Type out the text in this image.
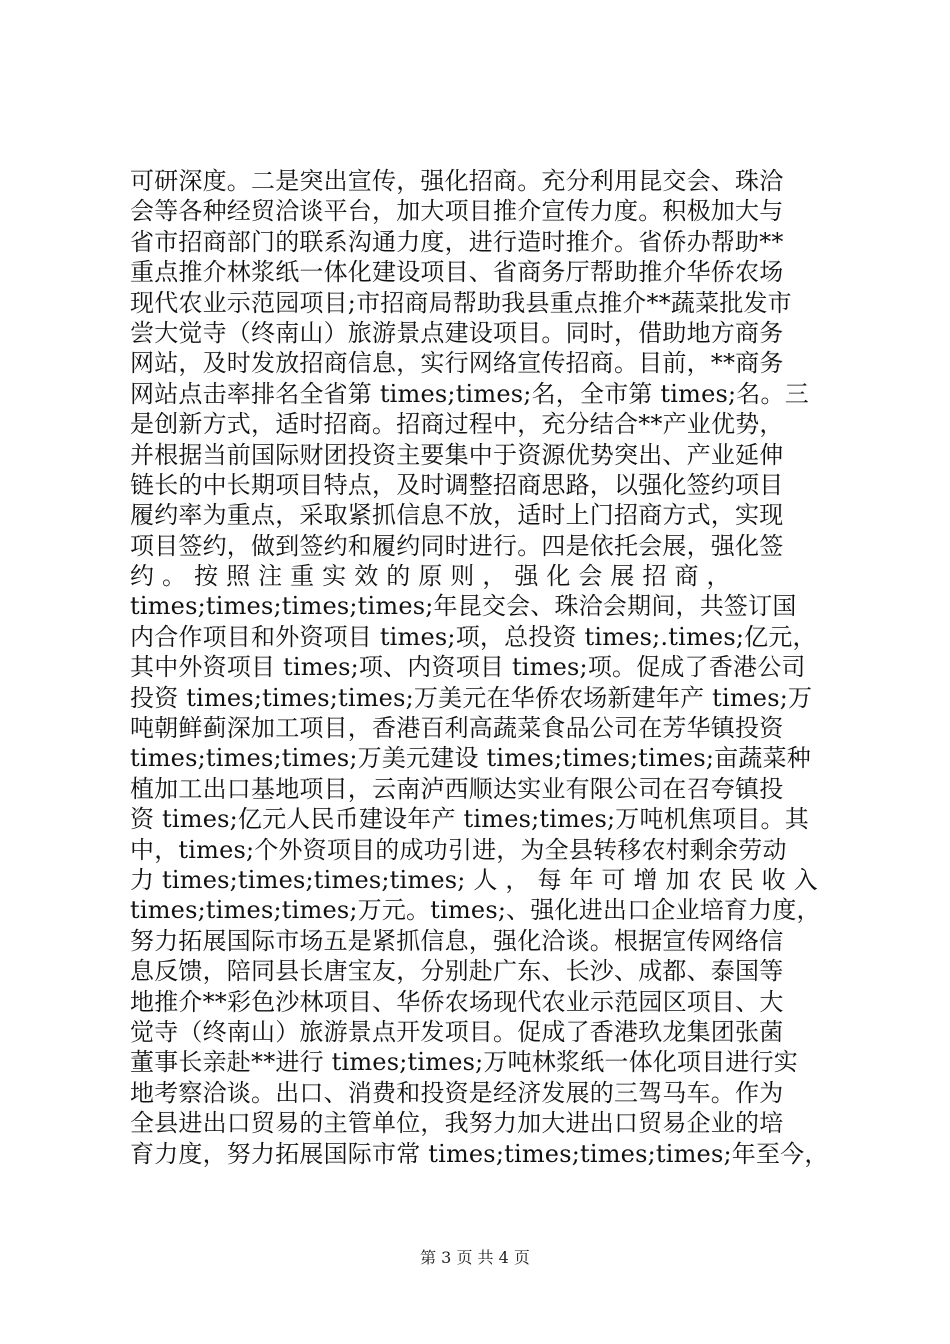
可研深度。二是突出宣传，强化招商。充分利用昆交会、珠洽
会等各种经贸洽谈平台，加大项目推介宣传力度。积极加大与
省市招商部门的联系沟通力度，进行造时推介。省侨办帮助**
重点推介林浆纸一体化建设项目、省商务厅帮助推介华侨农场
现代农业示范园项目;市招商局帮助我县重点推介**蔬菜批发市
尝大觉寺（终南山）旅游景点建设项目。同时，借助地方商务
网站，及时发放招商信息，实行网络宣传招商。目前，**商务
网站点击率排名全省第 times;times;名，全市第 times;名。三
是创新方式，适时招商。招商过程中，充分结合**产业优势，
并根据当前国际财团投资主要集中于资源优势突出、产业延伸
链长的中长期项目特点，及时调整招商思路，以强化签约项目
履约率为重点，采取紧抓信息不放，适时上门招商方式，实现
项目签约，做到签约和履约同时进行。四是依托会展，强化签
约 。 按 照 注 重 实 效 的 原 则 ， 强 化 会 展 招 商 ，
times;times;times;times;年昆交会、珠洽会期间，共签订国
内合作项目和外资项目 times;项，总投资 times;.times;亿元，
其中外资项目 times;项、内资项目 times;项。促成了香港公司
投资 times;times;times;万美元在华侨农场新建年产 times;万
吨朝鲜蓟深加工项目，香港百利高蔬菜食品公司在芳华镇投资
times;times;times;万美元建设 times;times;times;亩蔬菜种
植加工出口基地项目，云南泸西顺达实业有限公司在召夸镇投
资 times;亿元人民币建设年产 times;times;万吨机焦项目。其
中，times;个外资项目的成功引进，为全县转移农村剩余劳动
力 times;times;times;times; 人 ， 每 年 可 增 加 农 民 收 入
times;times;times;万元。times;、强化进出口企业培育力度，
努力拓展国际市场五是紧抓信息，强化洽谈。根据宣传网络信
息反馈，陪同县长唐宝友，分别赴广东、长沙、成都、泰国等
地推介**彩色沙林项目、华侨农场现代农业示范园区项目、大
觉寺（终南山）旅游景点开发项目。促成了香港玖龙集团张菌
董事长亲赴**进行 times;times;万吨林浆纸一体化项目进行实
地考察洽谈。出口、消费和投资是经济发展的三驾马车。作为
全县进出口贸易的主管单位，我努力加大进出口贸易企业的培
育力度，努力拓展国际市常 times;times;times;times;年至今，
第 3 页 共 4 页
